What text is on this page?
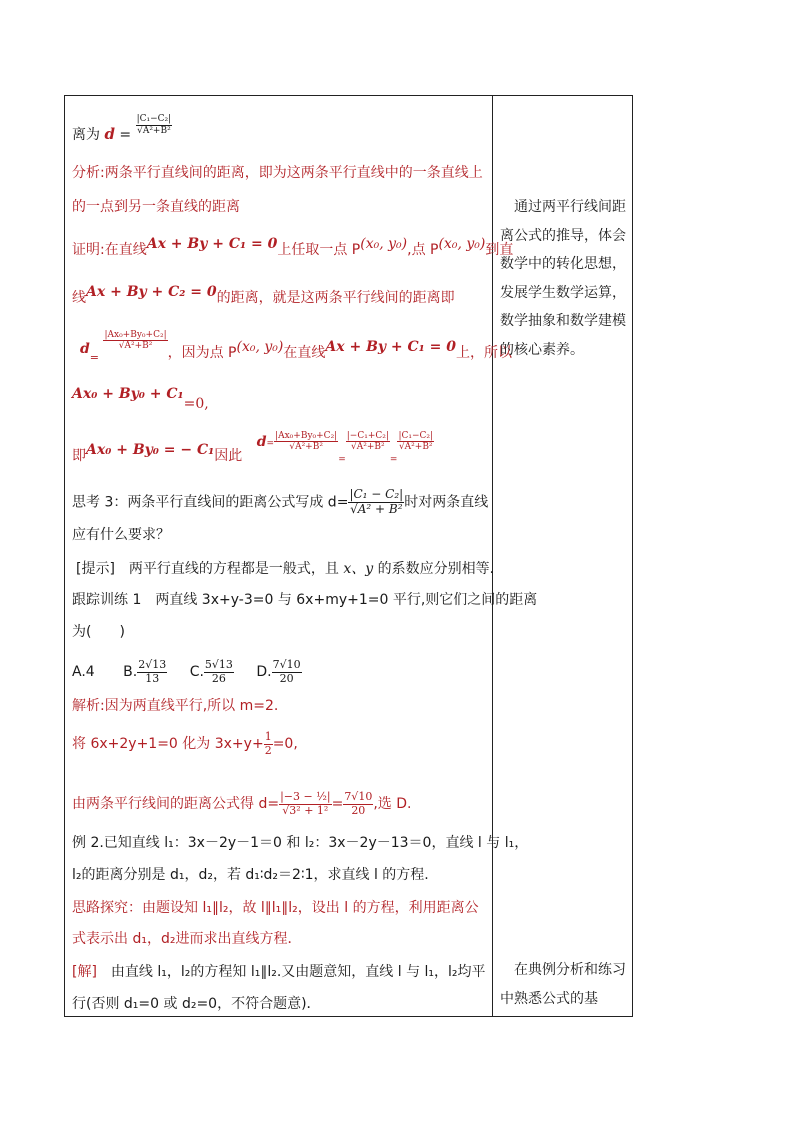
离为 $d = \frac{\text{|C₁−C₂|}}{\text{√A²+B²}}$
分析:两条平行直线间的距离，即为这两条平行直线中的一条直线上
的一点到另一条直线的距离
证明:在直线Ax + By + C₁ = 0上任取一点 P(x₀, y₀),点 P(x₀, y₀)到直
线Ax + By + C₂ = 0的距离，就是这两条平行线间的距离即
$d_=$
$\frac{\text{|Ax₀+By₀+C₂|}}{\text{√A²+B²}}$
，因为点 P(x₀, y₀)在直线Ax + By + C₁ = 0上，所以
Ax₀ + By₀ + C₁=0,
即Ax₀ + By₀ = − C₁因此 $d^= \frac{\text{|Ax₀+By₀+C₂|}}{\text{√A²+B²}}$
=
$\frac{\text{|−C₁+C₂|}}{\text{√A²+B²}}$
=
$\frac{\text{|C₁−C₂|}}{\text{√A²+B²}}$
思考 3：两条平行直线间的距离公式写成 $d= \frac{\text{|C₁ − C₂|}}{\text{√A² + B²}}$ 时对两条直线
应有什么要求？
[提示]　两平行直线的方程都是一般式，且 x、y 的系数应分别相等．
跟踪训练 1　两直线 3x+y-3=0 与 6x+my+1=0 平行,则它们之间的距离
为(　　)
A.4 B. $\frac{2√13}{13} C$. $\frac{5√13}{26} D$. $\frac{7√10}{20}$
解析:因为两直线平行,所以 m=2.
将 6x+2y+1=0 化为 $3x+y+ \frac{1}{2} =0$,
由两条平行线间的距离公式得 $d= \frac{\text{|−3 − ½|}}{\text{√3² + 1²}} = \frac{7√10}{20}$ ,选 D.
例 2.已知直线 l₁：3x－2y－1＝0 和 l₂：3x－2y－13＝0，直线 l 与 l₁，
l₂的距离分别是 d₁，d₂，若 d₁∶d₂＝2∶1，求直线 l 的方程.
思路探究：由题设知 l₁∥l₂，故 l∥l₁∥l₂，设出 l 的方程，利用距离公
式表示出 d₁，d₂进而求出直线方程．
[解]　由直线 l₁，l₂的方程知 l₁∥l₂.又由题意知，直线 l 与 l₁，l₂均平
行(否则 d₁=0 或 d₂=0，不符合题意)．
　通过两平行线间距离公式的推导，体会数学中的转化思想，发展学生数学运算，数学抽象和数学建模的核心素养。
　在典例分析和练习中熟悉公式的基
